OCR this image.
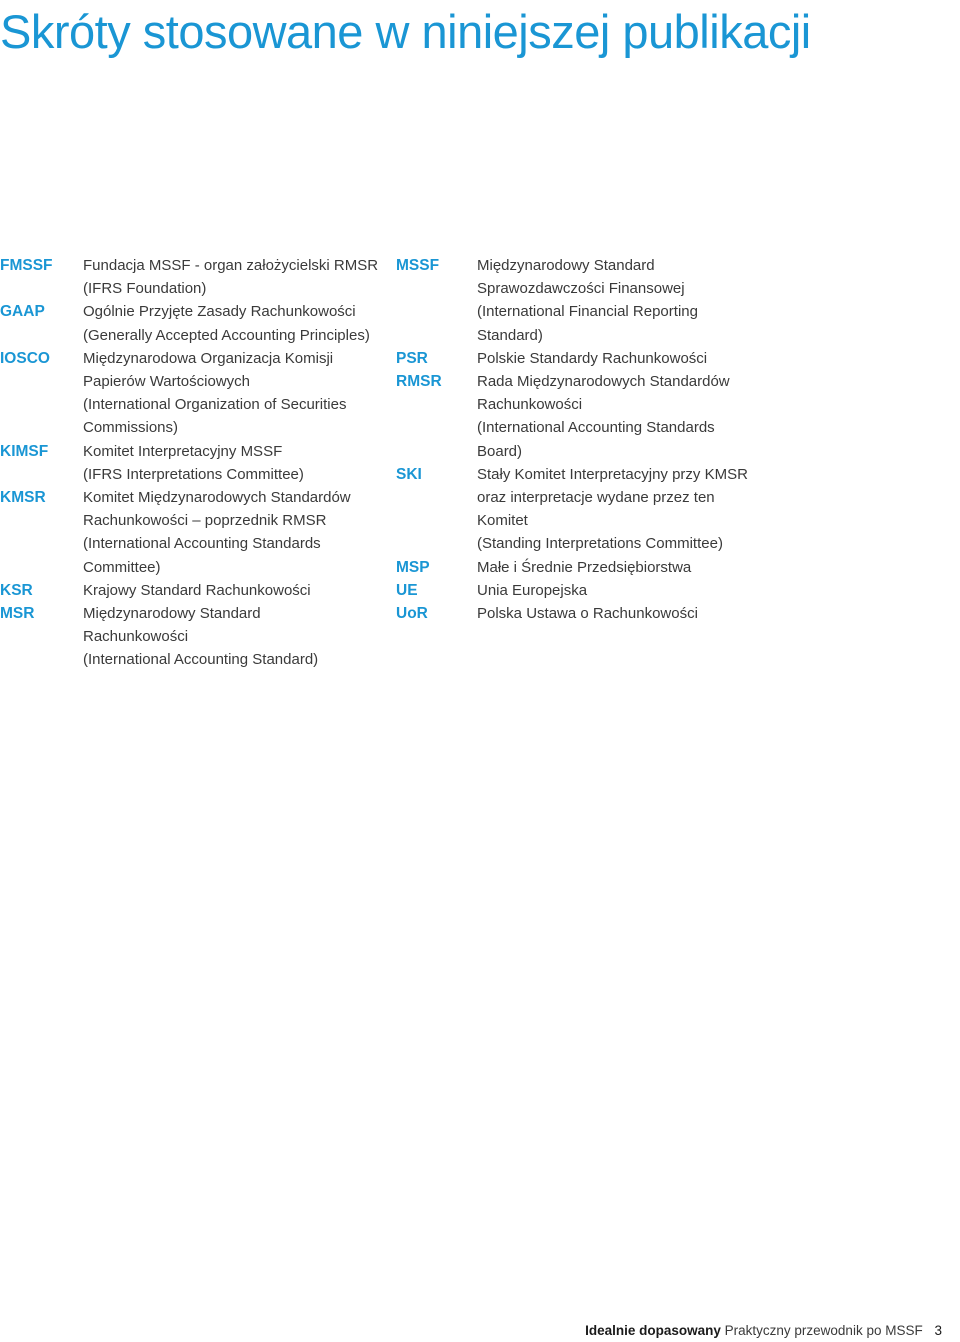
Skróty stosowane w niniejszej publikacji
FMSSF	Fundacja MSSF - organ założycielski RMSR
(IFRS Foundation)
GAAP	Ogólnie Przyjęte Zasady Rachunkowości
(Generally Accepted Accounting Principles)
IOSCO	Międzynarodowa Organizacja Komisji
Papierów Wartościowych
(International Organization of Securities
Commissions)
KIMSF	Komitet Interpretacyjny MSSF
(IFRS Interpretations Committee)
KMSR	Komitet Międzynarodowych Standardów
Rachunkowości – poprzednik RMSR
(International Accounting Standards
Committee)
KSR	Krajowy Standard Rachunkowości
MSR	Międzynarodowy Standard
Rachunkowości
(International Accounting Standard)
MSSF	Międzynarodowy Standard
Sprawozdawczości Finansowej
(International Financial Reporting
Standard)
PSR	Polskie Standardy Rachunkowości
RMSR	Rada Międzynarodowych Standardów
Rachunkowości
(International Accounting Standards
Board)
SKI	Stały Komitet Interpretacyjny przy KMSR
oraz interpretacje wydane przez ten
Komitet
(Standing Interpretations Committee)
MSP	Małe i Średnie Przedsiębiorstwa
UE	Unia Europejska
UoR	Polska Ustawa o Rachunkowości
Idealnie dopasowany Praktyczny przewodnik po MSSF 3
